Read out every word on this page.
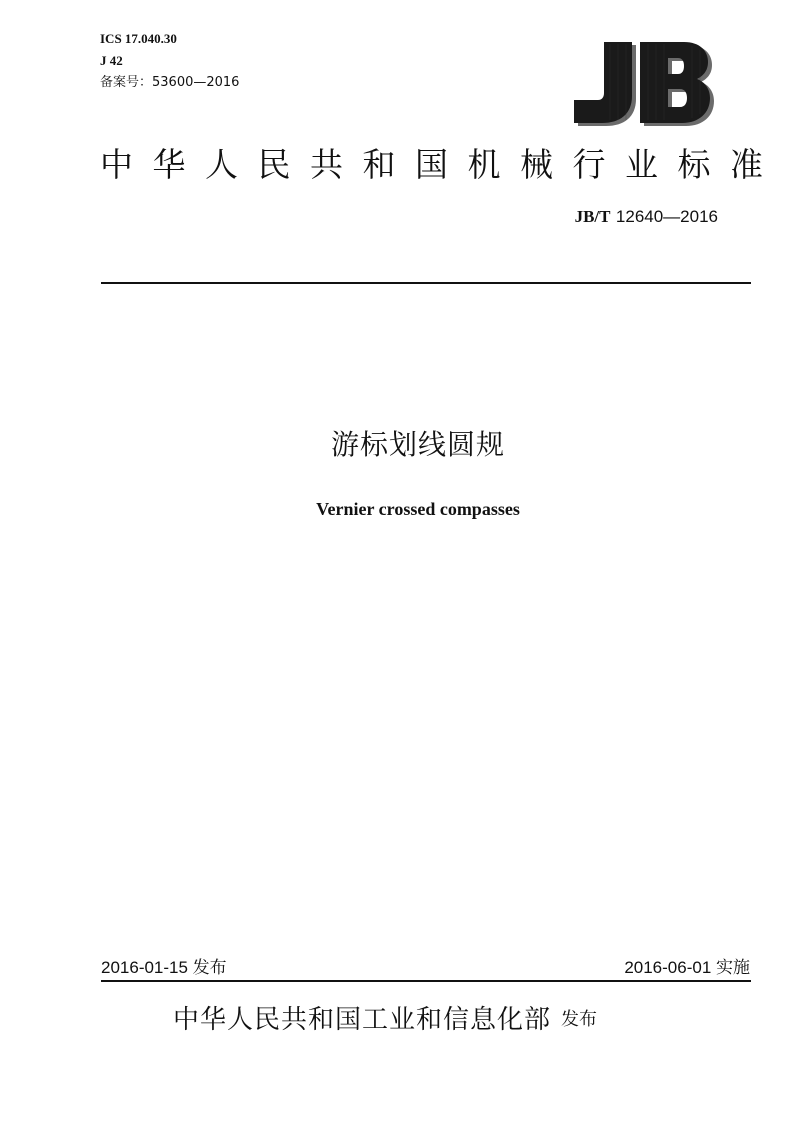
ICS 17.040.30
J 42
备案号：53600—2016
中华人民共和国机械行业标准
JB/T 12640—2016
游标划线圆规
Vernier crossed compasses
2016-01-15 发布	2016-06-01 实施
中华人民共和国工业和信息化部 发布
